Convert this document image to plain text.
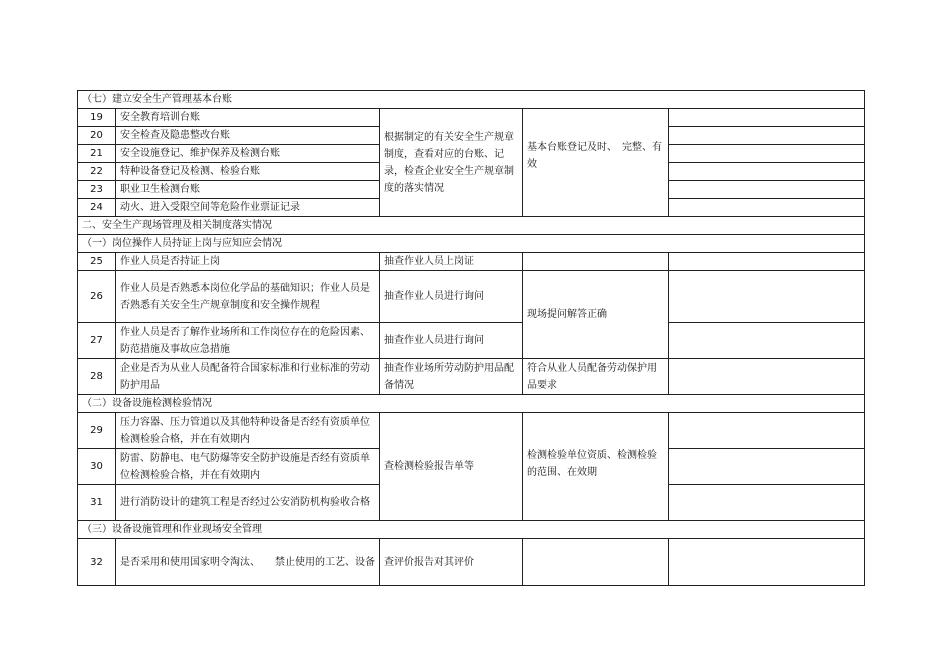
（七）建立安全生产管理基本台账				
19	安全教育培训台账	根据制定的有关安全生产规章制度，查看对应的台账、记录，检查企业安全生产规章制度的落实情况	基本台账登记及时、　完整、有效	
20	安全检查及隐患整改台账			
21	安全设施登记、维护保养及检测台账			
22	特种设备登记及检测、检验台账			
23	职业卫生检测台账			
24	动火、进入受限空间等危险作业票证记录			
二、安全生产现场管理及相关制度落实情况				
（一）岗位操作人员持证上岗与应知应会情况				
25	作业人员是否持证上岗	抽查作业人员上岗证		
26	作业人员是否熟悉本岗位化学品的基础知识；作业人员是否熟悉有关安全生产规章制度和安全操作规程	抽查作业人员进行询问	现场提问解答正确	
27	作业人员是否了解作业场所和工作岗位存在的危险因素、防范措施及事故应急措施	抽查作业人员进行询问		
28	企业是否为从业人员配备符合国家标准和行业标准的劳动防护用品	抽查作业场所劳动防护用品配备情况	符合从业人员配备劳动保护用品要求	
（二）设备设施检测检验情况				
29	压力容器、压力管道以及其他特种设备是否经有资质单位检测检验合格，并在有效期内	查检测检验报告单等	检测检验单位资质、检测检验的范围、在效期	
30	防雷、防静电、电气防爆等安全防护设施是否经有资质单位检测检验合格，并在有效期内			
31	进行消防设计的建筑工程是否经过公安消防机构验收合格			
（三）设备设施管理和作业现场安全管理				
32	是否采用和使用国家明令淘汰、　　禁止使用的工艺、设备	查评价报告对其评价		
